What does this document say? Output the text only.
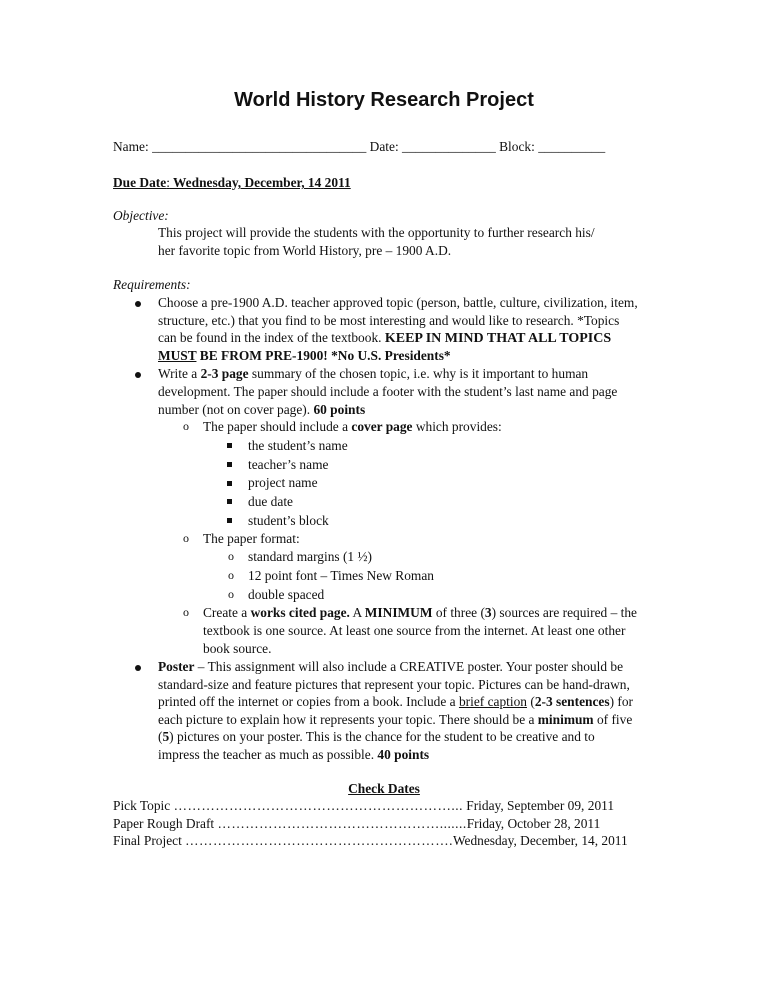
World History Research Project
Name: ________________________________ Date: ______________ Block: __________
Due Date: Wednesday, December, 14 2011
Objective:
This project will provide the students with the opportunity to further research his/
her favorite topic from World History, pre – 1900 A.D.
Requirements:
Choose a pre-1900 A.D. teacher approved topic (person, battle, culture, civilization, item,
structure, etc.) that you find to be most interesting and would like to research. *Topics
can be found in the index of the textbook. KEEP IN MIND THAT ALL TOPICS
MUST BE FROM PRE-1900! *No U.S. Presidents*
Write a 2-3 page summary of the chosen topic, i.e. why is it important to human
development. The paper should include a footer with the student’s last name and page
number (not on cover page). 60 points
o The paper should include a cover page which provides:
the student’s name
teacher’s name
project name
due date
student’s block
o The paper format:
o standard margins (1 ½)
o 12 point font – Times New Roman
o double spaced
o Create a works cited page. A MINIMUM of three (3) sources are required – the
textbook is one source. At least one source from the internet. At least one other
book source.
Poster – This assignment will also include a CREATIVE poster. Your poster should be
standard-size and feature pictures that represent your topic. Pictures can be hand-drawn,
printed off the internet or copies from a book. Include a brief caption (2-3 sentences) for
each picture to explain how it represents your topic. There should be a minimum of five
(5) pictures on your poster. This is the chance for the student to be creative and to
impress the teacher as much as possible. 40 points
Check Dates
Pick Topic ……………………………………………………... Friday, September 09, 2011
Paper Rough Draft ………………………………………….......Friday, October 28, 2011
Final Project ………………………………………………….Wednesday, December, 14, 2011
